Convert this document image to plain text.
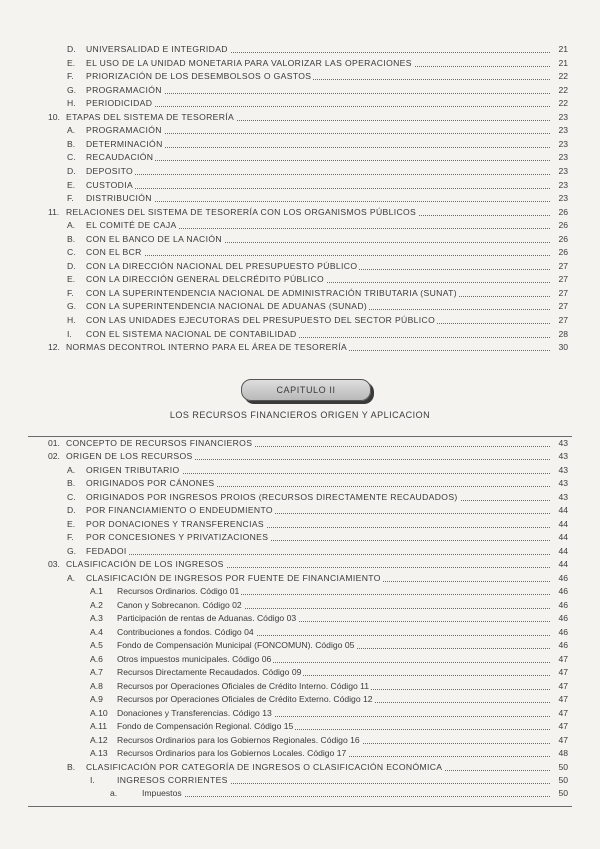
D. UNIVERSALIDAD E INTEGRIDAD	21
E. EL USO DE LA UNIDAD MONETARIA PARA VALORIZAR LAS OPERACIONES	21
F. PRIORIZACIÓN DE LOS DESEMBOLSOS O GASTOS	22
G. PROGRAMACIÓN	22
H. PERIODICIDAD	22
10. ETAPAS DEL SISTEMA DE TESORERÍA	23
A. PROGRAMACIÓN	23
B. DETERMINACIÓN	23
C. RECAUDACIÓN	23
D. DEPOSITO	23
E. CUSTODIA	23
F. DISTRIBUCIÓN	23
11. RELACIONES DEL SISTEMA DE TESORERÍA CON LOS ORGANISMOS PÚBLICOS	26
A. EL COMITÉ DE CAJA	26
B. CON EL BANCO DE LA NACIÓN	26
C. CON EL BCR	26
D. CON LA DIRECCIÓN NACIONAL DEL PRESUPUESTO PÚBLICO	27
E. CON LA DIRECCIÓN GENERAL DELCRÉDITO PÚBLICO	27
F. CON LA SUPERINTENDENCIA NACIONAL DE ADMINISTRACIÓN TRIBUTARIA (SUNAT)	27
G. CON LA SUPERINTENDENCIA NACIONAL DE ADUANAS (SUNAD)	27
H. CON LAS UNIDADES EJECUTORAS DEL PRESUPUESTO DEL SECTOR PÚBLICO	27
I. CON EL SISTEMA NACIONAL DE CONTABILIDAD	28
12. NORMAS DECONTROL INTERNO PARA EL ÁREA DE TESORERÍA	30
CAPITULO II
LOS RECURSOS FINANCIEROS ORIGEN Y APLICACION
01. CONCEPTO DE RECURSOS FINANCIEROS	43
02. ORIGEN DE LOS RECURSOS	43
A. ORIGEN TRIBUTARIO	43
B. ORIGINADOS POR CÁNONES	43
C. ORIGINADOS POR INGRESOS PROIOS (RECURSOS DIRECTAMENTE RECAUDADOS)	43
D. POR FINANCIAMIENTO O ENDEUDMIENTO	44
E. POR DONACIONES Y TRANSFERENCIAS	44
F. POR CONCESIONES Y PRIVATIZACIONES	44
G. FEDADOI	44
03. CLASIFICACIÓN DE LOS INGRESOS	44
A. CLASIFICACIÓN DE INGRESOS POR FUENTE DE FINANCIAMIENTO	46
A.1 Recursos Ordinarios. Código 01	46
A.2 Canon y Sobrecanon. Código 02	46
A.3 Participación de rentas de Aduanas. Código 03	46
A.4 Contribuciones a fondos. Código 04	46
A.5 Fondo de Compensación Municipal (FONCOMUN). Código 05	46
A.6 Otros impuestos municipales. Código 06	47
A.7 Recursos Directamente Recaudados. Código 09	47
A.8 Recursos por Operaciones Oficiales de Crédito Interno. Código 11	47
A.9 Recursos por Operaciones Oficiales de Crédito Externo. Código 12	47
A.10 Donaciones y Transferencias. Código 13	47
A.11 Fondo de Compensación Regional. Código 15	47
A.12 Recursos Ordinarios para los Gobiernos Regionales. Código 16	47
A.13 Recursos Ordinarios para los Gobiernos Locales. Código 17	48
B. CLASIFICACIÓN POR CATEGORÍA DE INGRESOS O CLASIFICACIÓN ECONÓMICA	50
I.	INGRESOS CORRIENTES	50
a.	Impuestos	50
